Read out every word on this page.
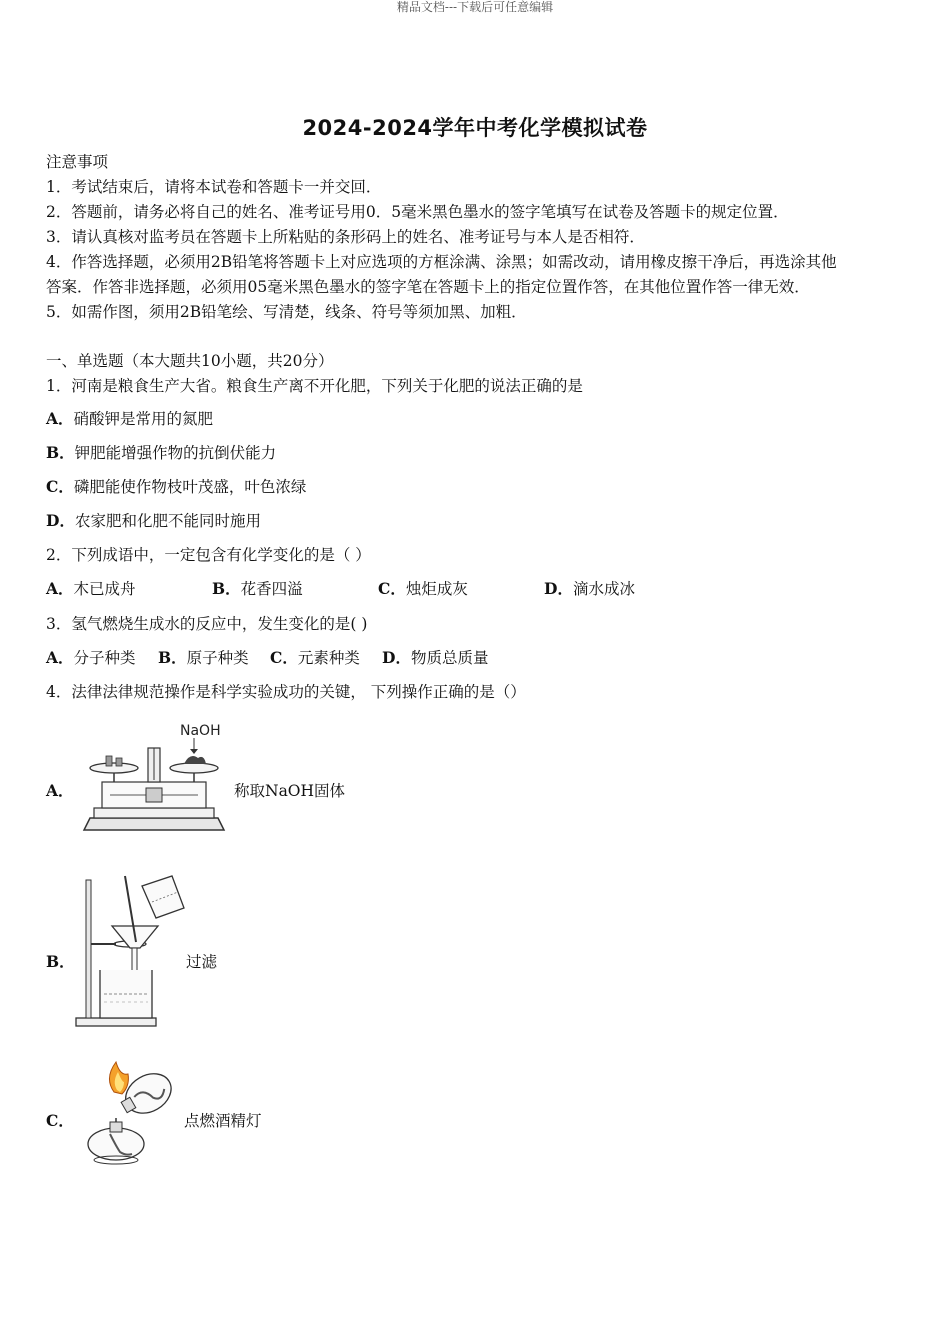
精品文档---下载后可任意编辑
2024-2024学年中考化学模拟试卷
注意事项
1．考试结束后，请将本试卷和答题卡一并交回．
2．答题前，请务必将自己的姓名、准考证号用0．5毫米黑色墨水的签字笔填写在试卷及答题卡的规定位置．
3．请认真核对监考员在答题卡上所粘贴的条形码上的姓名、准考证号与本人是否相符．
4．作答选择题，必须用2B铅笔将答题卡上对应选项的方框涂满、涂黑；如需改动，请用橡皮擦干净后，再选涂其他
答案．作答非选择题，必须用05毫米黑色墨水的签字笔在答题卡上的指定位置作答，在其他位置作答一律无效．
5．如需作图，须用2B铅笔绘、写清楚，线条、符号等须加黑、加粗．
一、单选题（本大题共10小题，共20分）
1．河南是粮食生产大省。粮食生产离不开化肥，下列关于化肥的说法正确的是
A．硝酸钾是常用的氮肥
B．钾肥能增强作物的抗倒伏能力
C．磷肥能使作物枝叶茂盛，叶色浓绿
D．农家肥和化肥不能同时施用
2．下列成语中，一定包含有化学变化的是（ ）
A．木已成舟	B．花香四溢	C．烛炬成灰	D．滴水成冰
3．氢气燃烧生成水的反应中，发生变化的是( )
A．分子种类 B．原子种类 C．元素种类 D．物质总质量
4．法律法律规范操作是科学实验成功的关键， 下列操作正确的是（）
A．
NaOH
称取NaOH固体
B．	过滤
C．	点燃酒精灯
